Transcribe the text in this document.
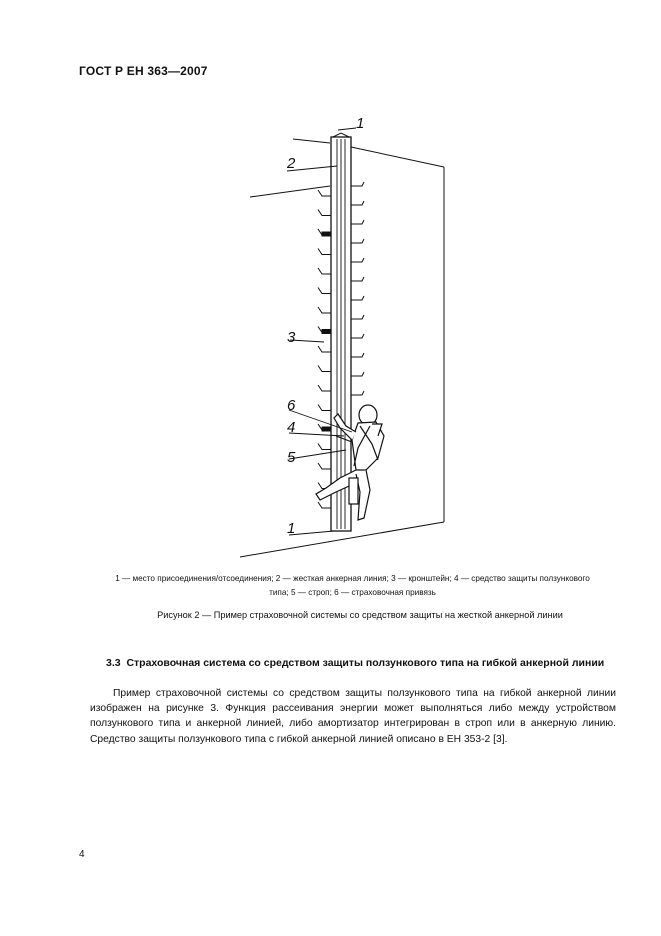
ГОСТ Р ЕН 363—2007
1
2
3
6
4
5
1
1 — место присоединения/отсоединения; 2 — жесткая анкерная линия; 3 — кронштейн; 4 — средство защиты ползункового
типа; 5 — строп; 6 — страховочная привязь
Рисунок 2 — Пример страховочной системы со средством защиты на жесткой анкерной линии
3.3 Страховочная система со средством защиты ползункового типа на гибкой анкерной линии
Пример страховочной системы со средством защиты ползункового типа на гибкой анкерной линии изображен на рисунке 3. Функция рассеивания энергии может выполняться либо между устройством ползункового типа и анкерной линией, либо амортизатор интегрирован в строп или в анкерную линию. Средство защиты ползункового типа с гибкой анкерной линией описано в ЕН 353-2 [3].
4
